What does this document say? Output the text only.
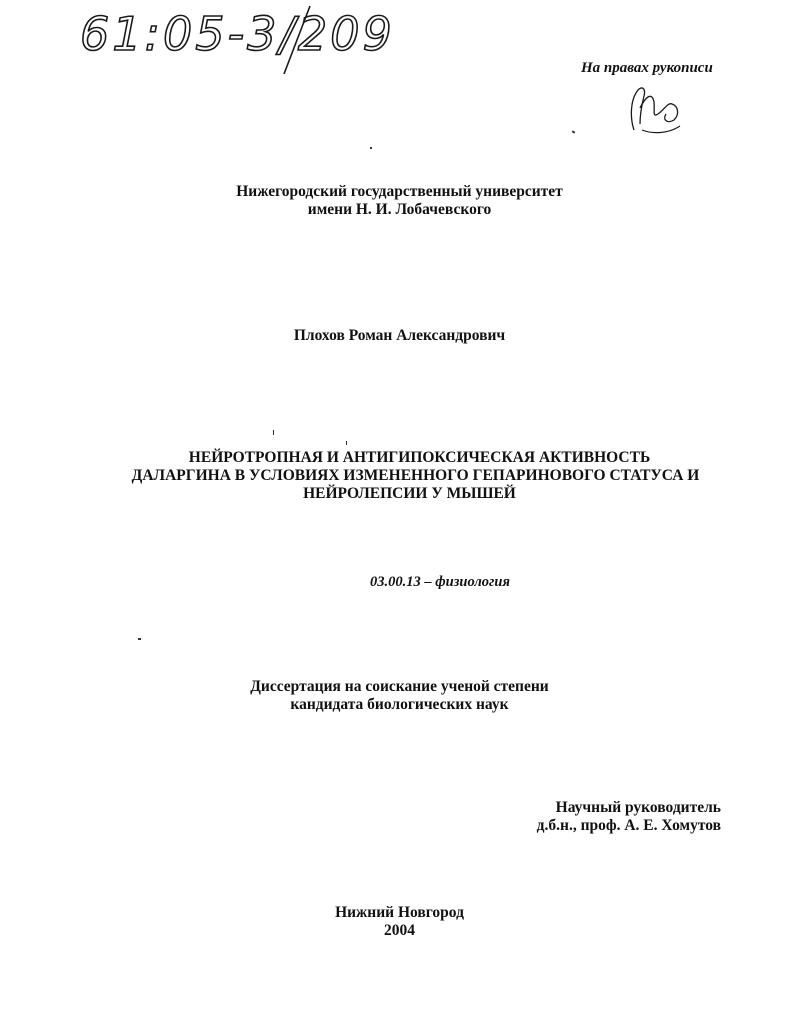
61:05-3/209
На правах рукописи
Нижегородский государственный университет
имени Н. И. Лобачевского
Плохов Роман Александрович
НЕЙРОТРОПНАЯ И АНТИГИПОКСИЧЕСКАЯ АКТИВНОСТЬ
ДАЛАРГИНА В УСЛОВИЯХ ИЗМЕНЕННОГО ГЕПАРИНОВОГО СТАТУСА И
НЕЙРОЛЕПСИИ У МЫШЕЙ
03.00.13 – физиология
Диссертация на соискание ученой степени
кандидата биологических наук
Научный руководитель
д.б.н., проф. А. Е. Хомутов
Нижний Новгород
2004
